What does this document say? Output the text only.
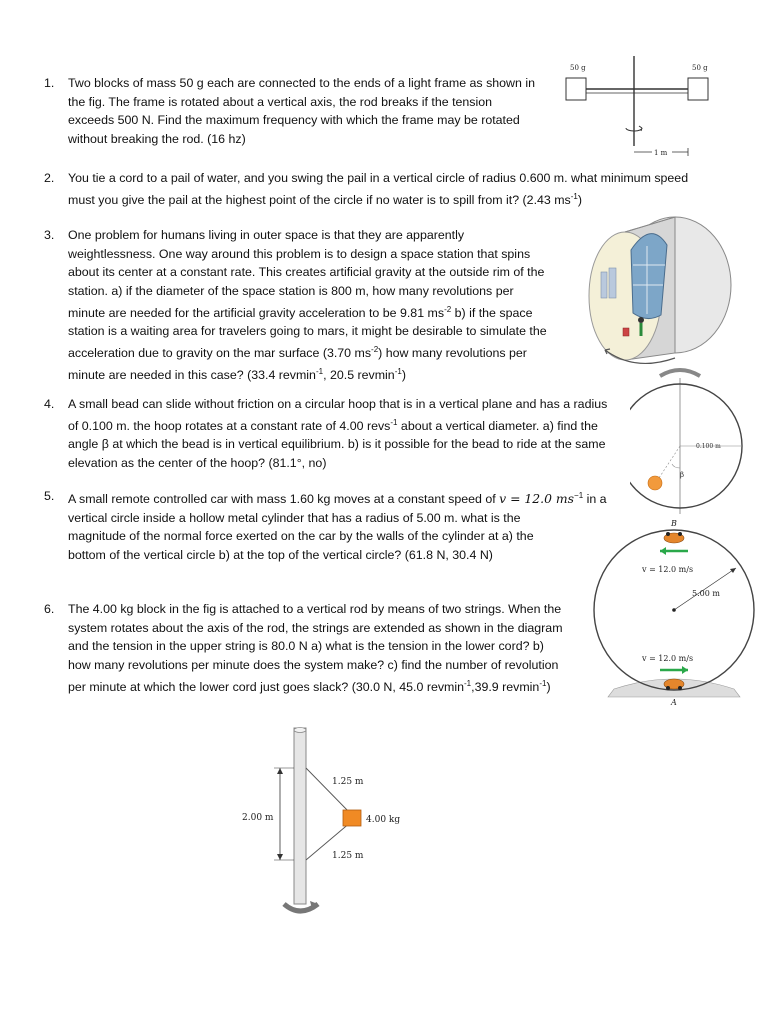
1.	Two blocks of mass 50 g each are connected to the ends of a light frame as shown in
the fig. The frame is rotated about a vertical axis, the rod breaks if the tension
exceeds 500 N. Find the maximum frequency with which the frame may be rotated
without breaking the rod. (16 hz)
50 g	50 g
1 m
2.	You tie a cord to a pail of water, and you swing the pail in a vertical circle of radius 0.600 m. what minimum speed
must you give the pail at the highest point of the circle if no water is to spill from it? (2.43 $ms^{-1}$)
3.	One problem for humans living in outer space is that they are apparently
weightlessness. One way around this problem is to design a space station that spins
about its center at a constant rate. This creates artificial gravity at the outside rim of the
station. a) if the diameter of the space station is 800 m, how many revolutions per
minute are needed for the artificial gravity acceleration to be 9.81 $ms^{-2}$ b) if the space
station is a waiting area for travelers going to mars, it might be desirable to simulate the
acceleration due to gravity on the mar surface (3.70 $ms^{-2}$) how many revolutions per
minute are needed in this case? (33.4 revmin$^{-1}$, 20.5 revmin$^{-1}$)
4.	A small bead can slide without friction on a circular hoop that is in a vertical plane and has a radius
of 0.100 m. the hoop rotates at a constant rate of 4.00 revs$^{-1}$ about a vertical diameter. a) find the
angle β at which the bead is in vertical equilibrium. b) is it possible for the bead to ride at the same
elevation as the center of the hoop? (81.1°, no)
0.100 m
β
5.	A small remote controlled car with mass 1.60 kg moves at a constant speed of v = 12.0 $ms^{-1}$ in a
vertical circle inside a hollow metal cylinder that has a radius of 5.00 m. what is the
magnitude of the normal force exerted on the car by the walls of the cylinder at a) the
bottom of the vertical circle b) at the top of the vertical circle? (61.8 N, 30.4 N)
B
v = 12.0 m/s
5.00 m
v = 12.0 m/s
A
6.	The 4.00 kg block in the fig is attached to a vertical rod by means of two strings. When the
system rotates about the axis of the rod, the strings are extended as shown in the diagram
and the tension in the upper string is 80.0 N a) what is the tension in the lower cord? b)
how many revolutions per minute does the system make? c) find the number of revolution
per minute at which the lower cord just goes slack? (30.0 N, 45.0 revmin$^{-1}$,39.9 revmin$^{-1}$)
1.25 m
1.25 m
4.00 kg
2.00 m
